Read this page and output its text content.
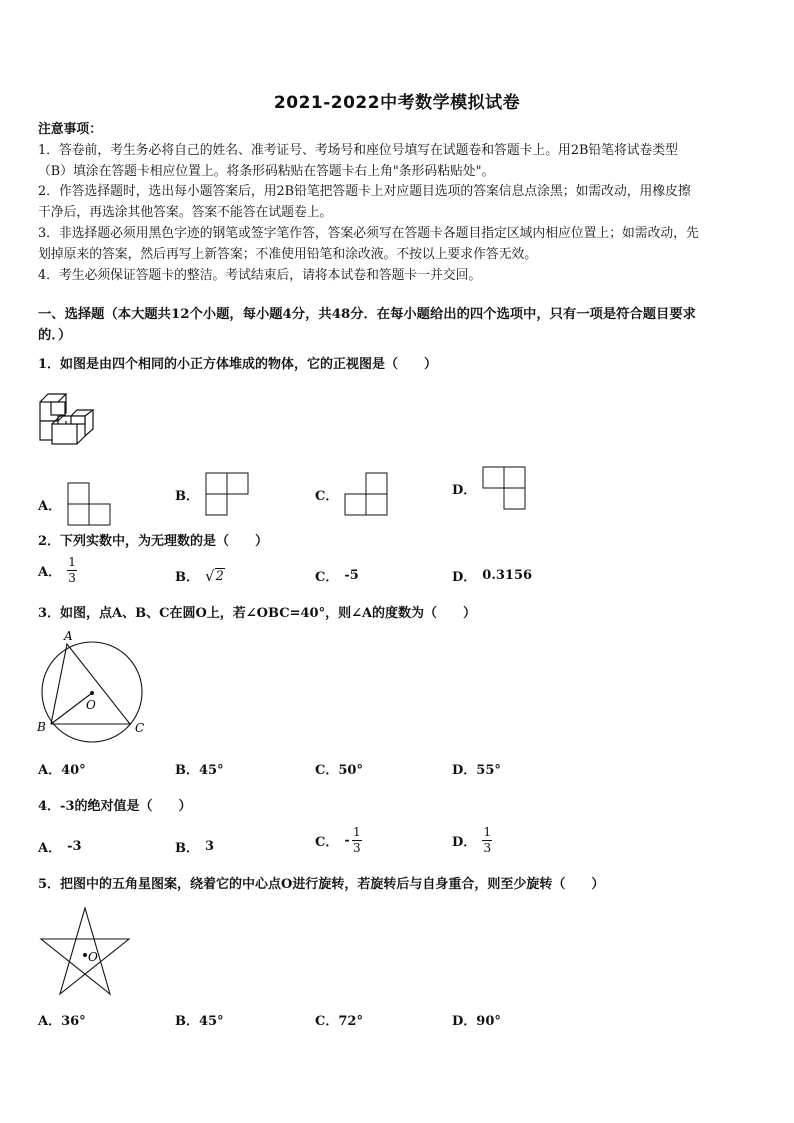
2021-2022中考数学模拟试卷
注意事项：
1．答卷前，考生务必将自己的姓名、准考证号、考场号和座位号填写在试题卷和答题卡上。用2B铅笔将试卷类型
（B）填涂在答题卡相应位置上。将条形码粘贴在答题卡右上角"条形码粘贴处"。
2．作答选择题时，选出每小题答案后，用2B铅笔把答题卡上对应题目选项的答案信息点涂黑；如需改动，用橡皮擦
干净后，再选涂其他答案。答案不能答在试题卷上。
3．非选择题必须用黑色字迹的钢笔或签字笔作答，答案必须写在答题卡各题目指定区域内相应位置上；如需改动，先
划掉原来的答案，然后再写上新答案；不准使用铅笔和涂改液。不按以上要求作答无效。
4．考生必须保证答题卡的整洁。考试结束后，请将本试卷和答题卡一并交回。
一、选择题（本大题共12个小题，每小题4分，共48分．在每小题给出的四个选项中，只有一项是符合题目要求
的．）
1．如图是由四个相同的小正方体堆成的物体，它的正视图是（　　）
A．
B．	C．	D．
2．下列实数中，为无理数的是（　　）
A． $\frac{1}{3}$	B． √ 2	C． -5	D． 0.3156
3．如图，点A、B、C在圆O上，若∠OBC=40°，则∠A的度数为（　　）
A
B	C
O
A．40°	B．45°	C．50°	D．55°
4．-3的绝对值是（　　）
A． -3	B． 3	C． - $\frac{1}{3}$	D． $\frac{1}{3}$
5．把图中的五角星图案，绕着它的中心点O进行旋转，若旋转后与自身重合，则至少旋转（　　）
O
A．36°	B．45°	C．72°	D．90°
